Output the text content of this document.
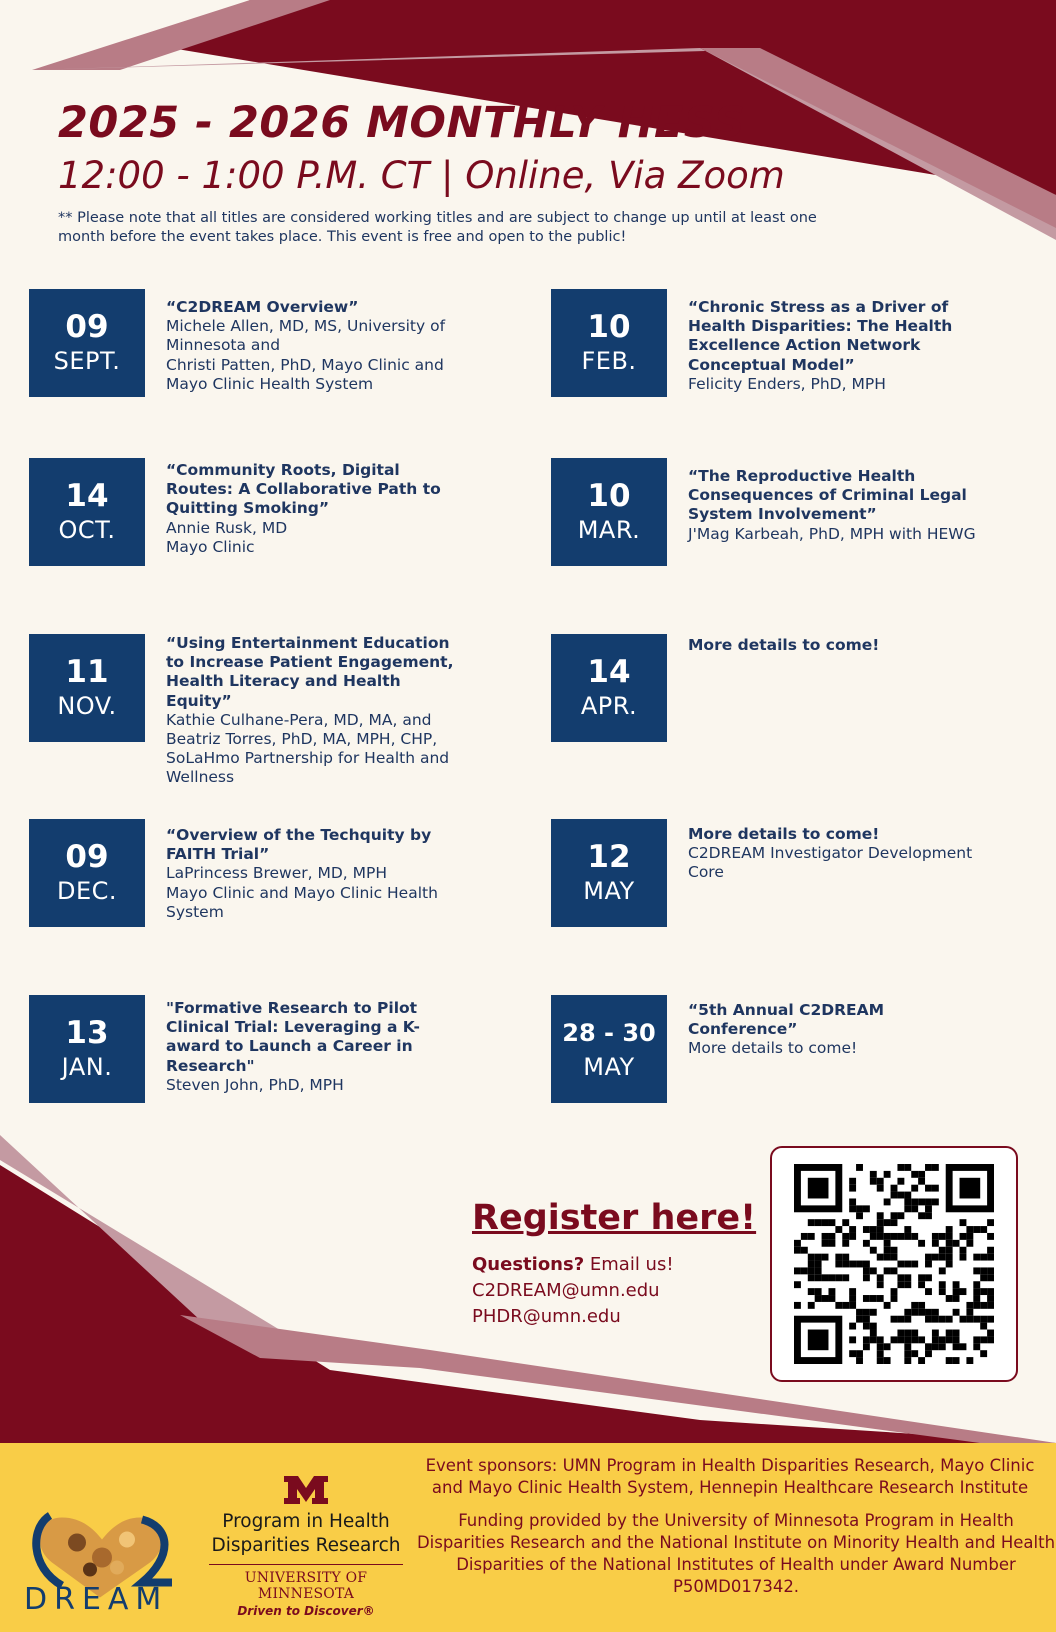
2025 - 2026 MONTHLY HESS
12:00 - 1:00 P.M. CT | Online, Via Zoom
** Please note that all titles are considered working titles and are subject to change up until at least one month before the event takes place. This event is free and open to the public!
09
SEPT.
“C2DREAM Overview”
Michele Allen, MD, MS, University of Minnesota and
Christi Patten, PhD, Mayo Clinic and Mayo Clinic Health System
14
OCT.
“Community Roots, Digital Routes: A Collaborative Path to Quitting Smoking”
Annie Rusk, MD
Mayo Clinic
11
NOV.
“Using Entertainment Education to Increase Patient Engagement, Health Literacy and Health Equity”
Kathie Culhane-Pera, MD, MA, and
Beatriz Torres, PhD, MA, MPH, CHP,
SoLaHmo Partnership for Health and Wellness
09
DEC.
“Overview of the Techquity by FAITH Trial”
LaPrincess Brewer, MD, MPH
Mayo Clinic and Mayo Clinic Health System
13
JAN.
"Formative Research to Pilot Clinical Trial: Leveraging a K-award to Launch a Career in Research"
Steven John, PhD, MPH
10
FEB.
“Chronic Stress as a Driver of Health Disparities: The Health Excellence Action Network Conceptual Model”
Felicity Enders, PhD, MPH
10
MAR.
“The Reproductive Health Consequences of Criminal Legal System Involvement”
J'Mag Karbeah, PhD, MPH with HEWG
14
APR.
More details to come!
12
MAY
More details to come!
C2DREAM Investigator Development Core
28 - 30
MAY
“5th Annual C2DREAM Conference”
More details to come!
Register here!
Questions? Email us!
C2DREAM@umn.edu
PHDR@umn.edu
DREAM
Program in Health Disparities Research
UNIVERSITY OF MINNESOTA
Driven to Discover®
Event sponsors: UMN Program in Health Disparities Research, Mayo Clinic and Mayo Clinic Health System, Hennepin Healthcare Research Institute
Funding provided by the University of Minnesota Program in Health Disparities Research and the National Institute on Minority Health and Health Disparities of the National Institutes of Health under Award Number P50MD017342.
